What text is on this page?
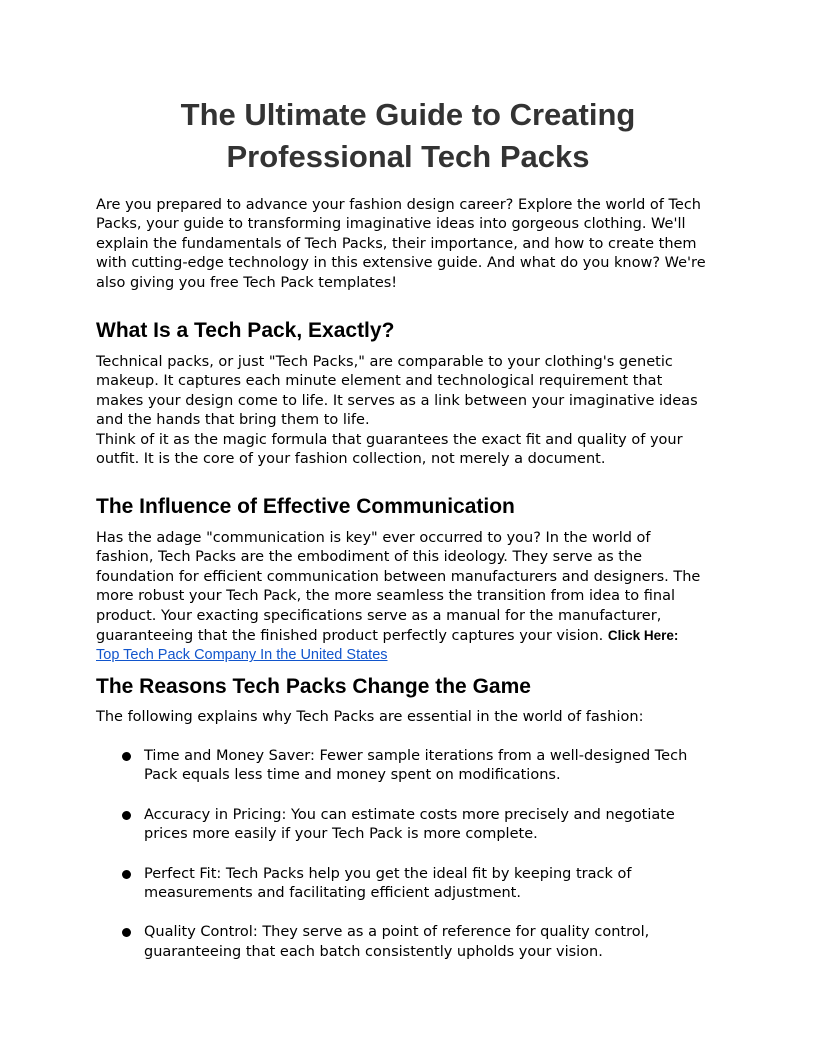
The Ultimate Guide to Creating
Professional Tech Packs

Are you prepared to advance your fashion design career? Explore the world of Tech
Packs, your guide to transforming imaginative ideas into gorgeous clothing. We'll
explain the fundamentals of Tech Packs, their importance, and how to create them
with cutting-edge technology in this extensive guide. And what do you know? We're
also giving you free Tech Pack templates!

What Is a Tech Pack, Exactly?

Technical packs, or just "Tech Packs," are comparable to your clothing's genetic
makeup. It captures each minute element and technological requirement that
makes your design come to life. It serves as a link between your imaginative ideas
and the hands that bring them to life.
Think of it as the magic formula that guarantees the exact fit and quality of your
outfit. It is the core of your fashion collection, not merely a document.

The Influence of Effective Communication

Has the adage "communication is key" ever occurred to you? In the world of
fashion, Tech Packs are the embodiment of this ideology. They serve as the
foundation for efficient communication between manufacturers and designers. The
more robust your Tech Pack, the more seamless the transition from idea to final
product. Your exacting specifications serve as a manual for the manufacturer,
guaranteeing that the finished product perfectly captures your vision. Click Here:
Top Tech Pack Company In the United States

The Reasons Tech Packs Change the Game

The following explains why Tech Packs are essential in the world of fashion:

Time and Money Saver: Fewer sample iterations from a well-designed Tech
Pack equals less time and money spent on modifications.
Accuracy in Pricing: You can estimate costs more precisely and negotiate
prices more easily if your Tech Pack is more complete.
Perfect Fit: Tech Packs help you get the ideal fit by keeping track of
measurements and facilitating efficient adjustment.
Quality Control: They serve as a point of reference for quality control,
guaranteeing that each batch consistently upholds your vision.
